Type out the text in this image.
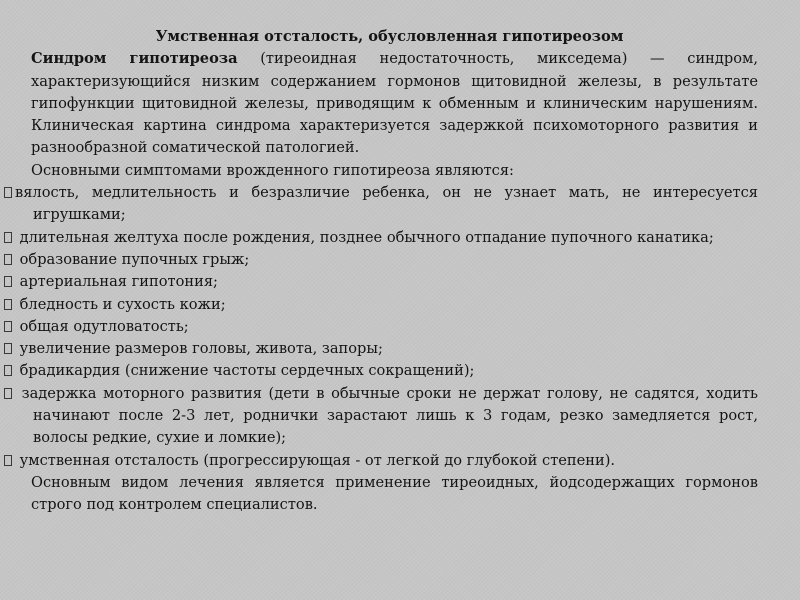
Умственная отсталость, обусловленная гипотиреозом

Синдром гипотиреоза (тиреоидная недостаточность, микседема) — синдром, характеризующийся низким содержанием гормонов щитовидной железы, в результате гипофункции щитовидной железы, приводящим к обменным и клиническим нарушениям. Клиническая картина синдрома характеризуется задержкой психомоторного развития и разнообразной соматической патологией.

Основными симптомами врожденного гипотиреоза являются:

вялость, медлительность и безразличие ребенка, он не узнает мать, не интересуется игрушками;
длительная желтуха после рождения, позднее обычного отпадание пупочного канатика;
образование пупочных грыж;
артериальная гипотония;
бледность и сухость кожи;
общая одутловатость;
увеличение размеров головы, живота, запоры;
брадикардия (снижение частоты сердечных сокращений);
задержка моторного развития (дети в обычные сроки не держат голову, не садятся, ходить начинают после 2-3 лет, роднички зарастают лишь к 3 годам, резко замедляется рост, волосы редкие, сухие и ломкие);
умственная отсталость (прогрессирующая - от легкой до глубокой степени).

Основным видом лечения является применение тиреоидных, йодсодержащих гормонов строго под контролем специалистов.
